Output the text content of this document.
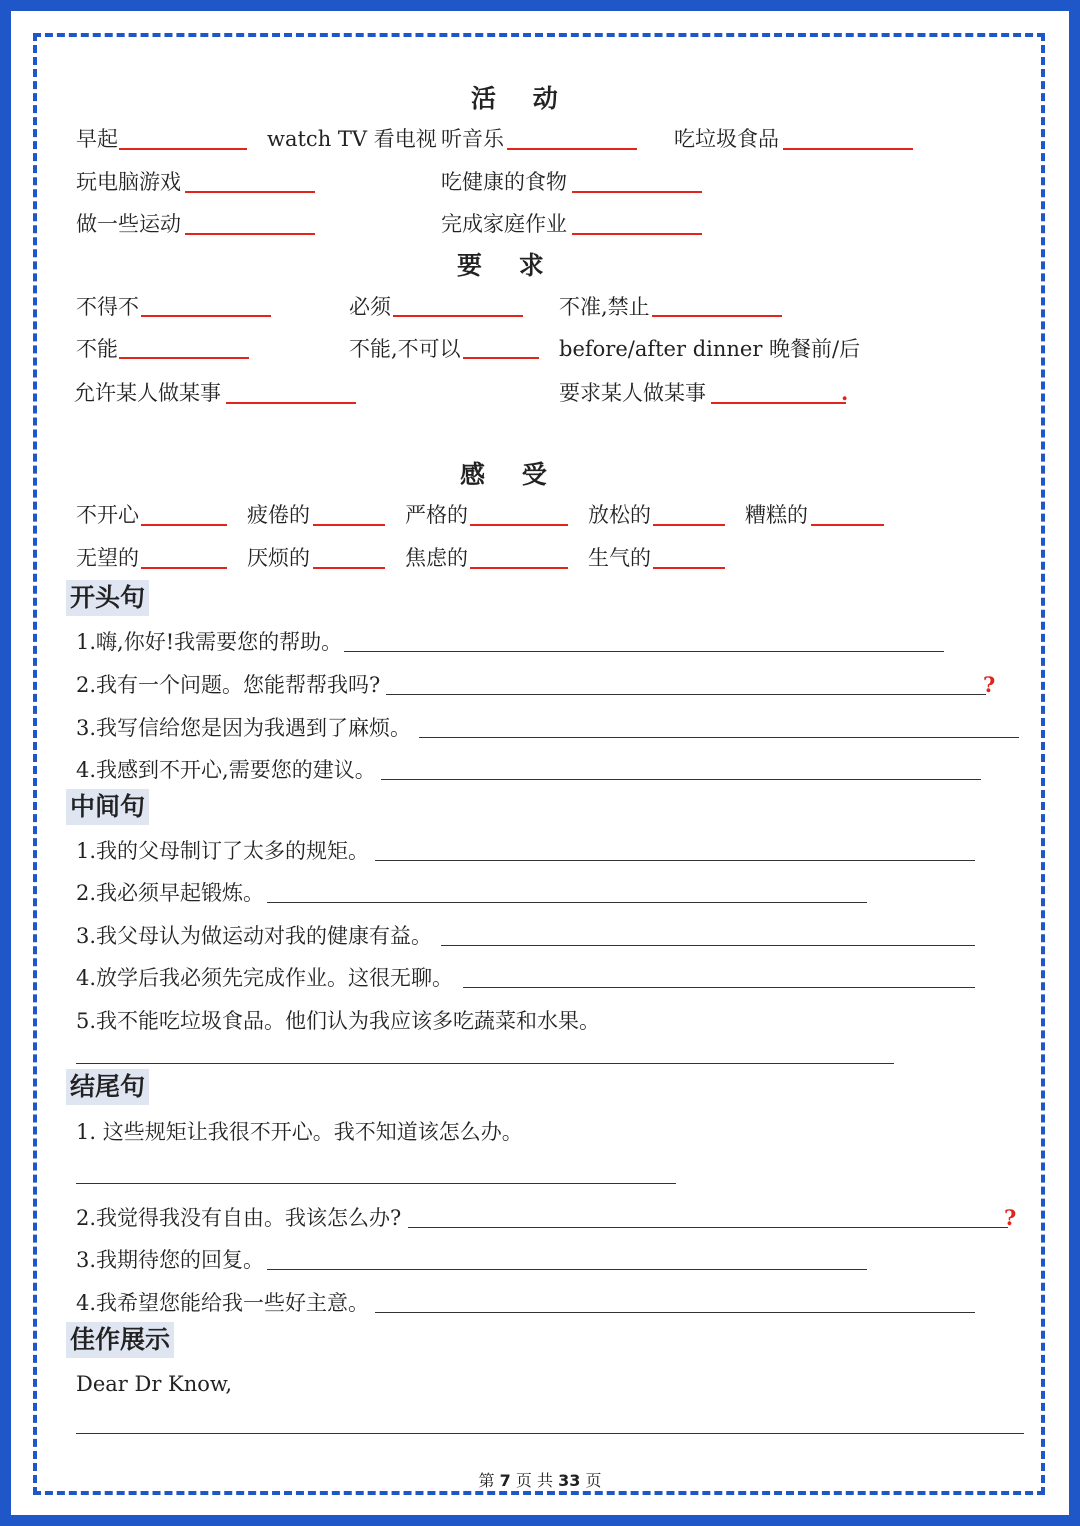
活 动
早起	watch TV 看电视 听音乐	吃垃圾食品
玩电脑游戏	吃健康的食物
做一些运动	完成家庭作业
要 求
不得不	必须	不准,禁止
不能	不能,不可以	before/after dinner 晚餐前/后
允许某人做某事	要求某人做某事	.
感 受
不开心	疲倦的	严格的	放松的	糟糕的
无望的	厌烦的	焦虑的	生气的
开头句
1.嗨,你好!我需要您的帮助。
2.我有一个问题。您能帮帮我吗?	?
3.我写信给您是因为我遇到了麻烦。
4.我感到不开心,需要您的建议。
中间句
1.我的父母制订了太多的规矩。
2.我必须早起锻炼。
3.我父母认为做运动对我的健康有益。
4.放学后我必须先完成作业。这很无聊。
5.我不能吃垃圾食品。他们认为我应该多吃蔬菜和水果。
结尾句
1. 这些规矩让我很不开心。我不知道该怎么办。
2.我觉得我没有自由。我该怎么办?	?
3.我期待您的回复。
4.我希望您能给我一些好主意。
佳作展示
Dear Dr Know,
第 7 页 共 33 页
